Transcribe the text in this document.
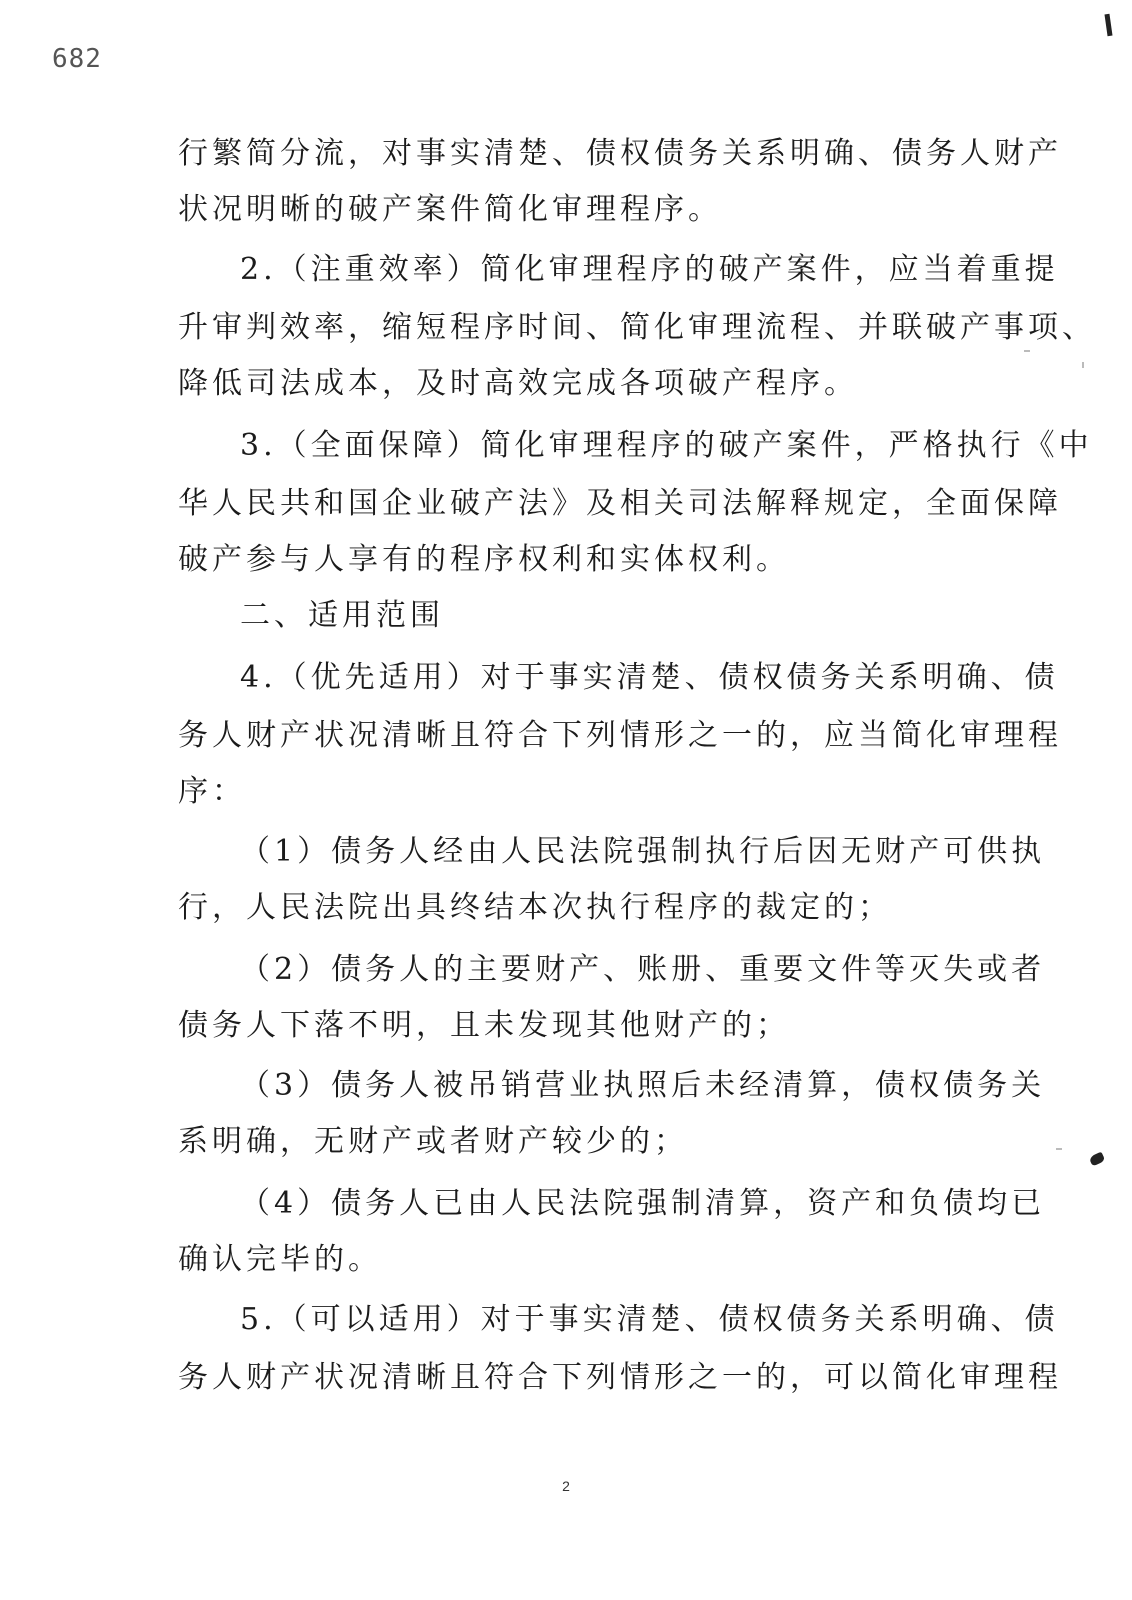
682
行繁简分流，对事实清楚、债权债务关系明确、债务人财产
状况明晰的破产案件简化审理程序。
2.（注重效率）简化审理程序的破产案件，应当着重提
升审判效率，缩短程序时间、简化审理流程、并联破产事项、
降低司法成本，及时高效完成各项破产程序。
3.（全面保障）简化审理程序的破产案件，严格执行《中
华人民共和国企业破产法》及相关司法解释规定，全面保障
破产参与人享有的程序权利和实体权利。
二、适用范围
4.（优先适用）对于事实清楚、债权债务关系明确、债
务人财产状况清晰且符合下列情形之一的，应当简化审理程
序：
（1）债务人经由人民法院强制执行后因无财产可供执
行，人民法院出具终结本次执行程序的裁定的；
（2）债务人的主要财产、账册、重要文件等灭失或者
债务人下落不明，且未发现其他财产的；
（3）债务人被吊销营业执照后未经清算，债权债务关
系明确，无财产或者财产较少的；
（4）债务人已由人民法院强制清算，资产和负债均已
确认完毕的。
5.（可以适用）对于事实清楚、债权债务关系明确、债
务人财产状况清晰且符合下列情形之一的，可以简化审理程
2
